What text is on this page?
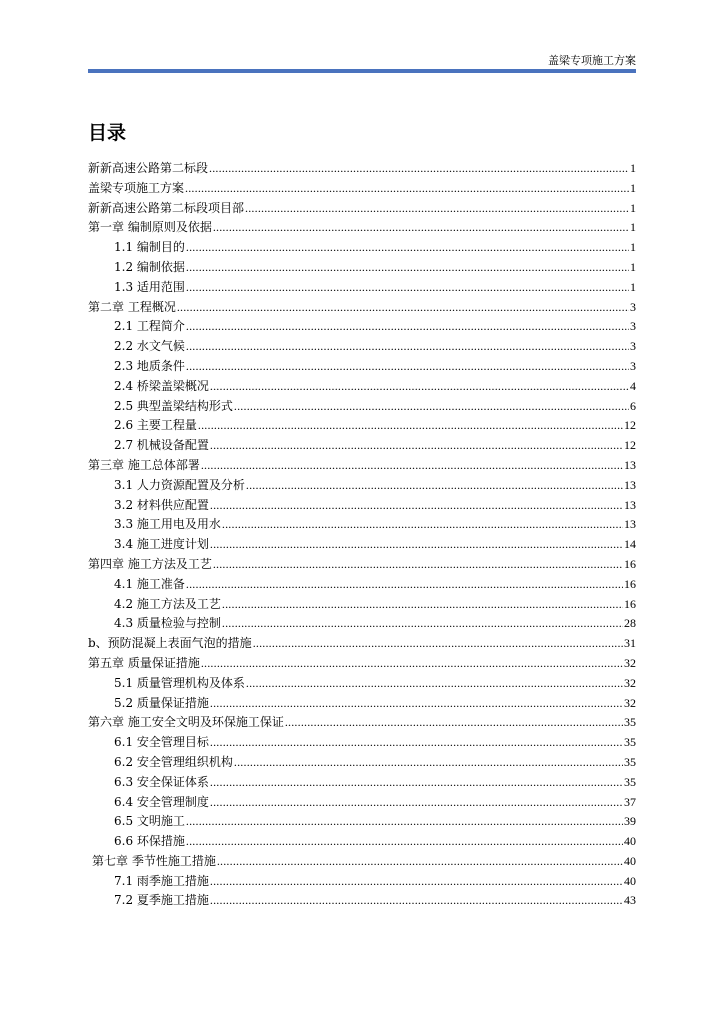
盖梁专项施工方案
目录
新新高速公路第二标段 .....	1
盖梁专项施工方案 .....	1
新新高速公路第二标段项目部 .....	1
第一章 编制原则及依据 .....	1
1.1 编制目的 .....	1
1.2 编制依据 .....	1
1.3 适用范围 .....	1
第二章 工程概况 .....	3
2.1 工程简介 .....	3
2.2 水文气候 .....	3
2.3 地质条件 .....	3
2.4 桥梁盖梁概况 .....	4
2.5 典型盖梁结构形式 .....	6
2.6 主要工程量 .....	12
2.7 机械设备配置 .....	12
第三章 施工总体部署 .....	13
3.1 人力资源配置及分析 .....	13
3.2 材料供应配置 .....	13
3.3 施工用电及用水 .....	13
3.4 施工进度计划 .....	14
第四章 施工方法及工艺 .....	16
4.1 施工准备 .....	16
4.2 施工方法及工艺 .....	16
4.3 质量检验与控制 .....	28
b、预防混凝上表面气泡的措施 .....	31
第五章 质量保证措施 .....	32
5.1 质量管理机构及体系 .....	32
5.2 质量保证措施 .....	32
第六章 施工安全文明及环保施工保证 .....	35
6.1 安全管理目标 .....	35
6.2 安全管理组织机构 .....	35
6.3 安全保证体系 .....	35
6.4 安全管理制度 .....	37
6.5 文明施工 .....	39
6.6 环保措施 .....	40
第七章 季节性施工措施 .....	40
7.1 雨季施工措施 .....	40
7.2 夏季施工措施 .....	43
